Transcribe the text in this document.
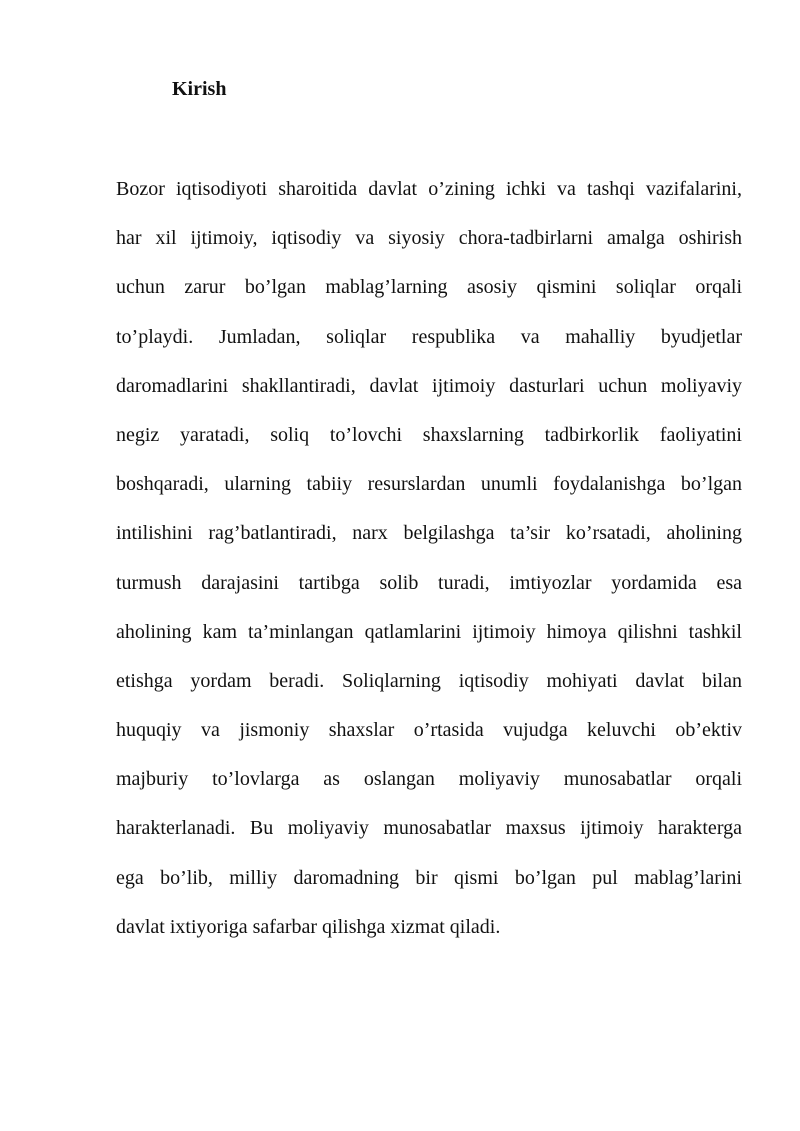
Kirish
Bozor iqtisodiyoti sharoitida davlat o’zining ichki va tashqi vazifalarini,
har xil ijtimoiy, iqtisodiy va siyosiy chora-tadbirlarni amalga oshirish
uchun zarur bo’lgan mablag’larning asosiy qismini soliqlar orqali
to’playdi. Jumladan, soliqlar respublika va mahalliy byudjetlar
daromadlarini shakllantiradi, davlat ijtimoiy dasturlari uchun moliyaviy
negiz yaratadi, soliq to’lovchi shaxslarning tadbirkorlik faoliyatini
boshqaradi, ularning tabiiy resurslardan unumli foydalanishga bo’lgan
intilishini rag’batlantiradi, narx belgilashga ta’sir ko’rsatadi, aholining
turmush darajasini tartibga solib turadi, imtiyozlar yordamida esa
aholining kam ta’minlangan qatlamlarini ijtimoiy himoya qilishni tashkil
etishga yordam beradi. Soliqlarning iqtisodiy mohiyati davlat bilan
huquqiy va jismoniy shaxslar o’rtasida vujudga keluvchi ob’ektiv
majburiy to’lovlarga as oslangan moliyaviy munosabatlar orqali
harakterlanadi. Bu moliyaviy munosabatlar maxsus ijtimoiy harakterga
ega bo’lib, milliy daromadning bir qismi bo’lgan pul mablag’larini
davlat ixtiyoriga safarbar qilishga xizmat qiladi.
